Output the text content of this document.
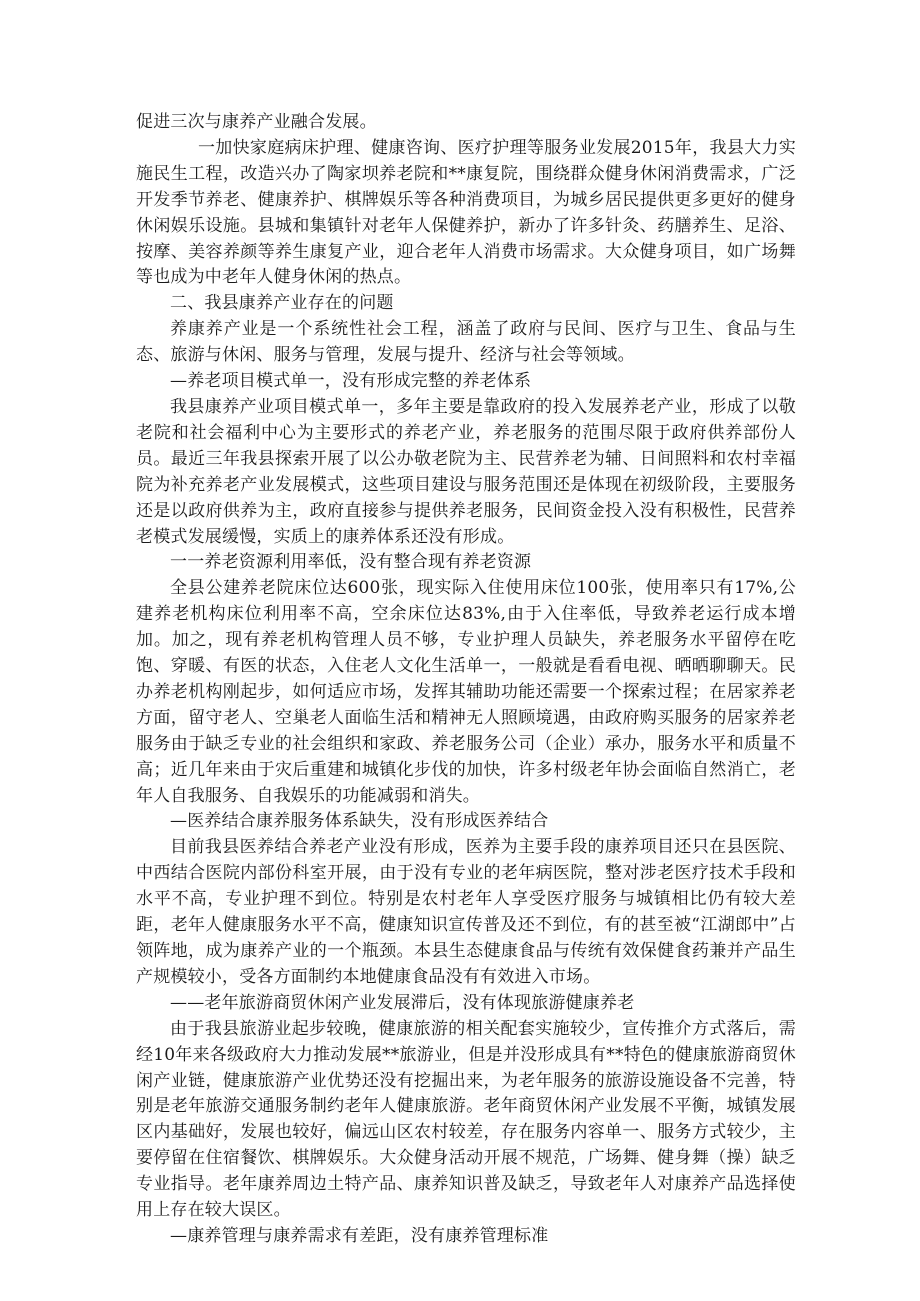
促进三次与康养产业融合发展。

一加快家庭病床护理、健康咨询、医疗护理等服务业发展2015年，我县大力实施民生工程，改造兴办了陶家坝养老院和**康复院，围绕群众健身休闲消费需求，广泛开发季节养老、健康养护、棋牌娱乐等各种消费项目，为城乡居民提供更多更好的健身休闲娱乐设施。县城和集镇针对老年人保健养护，新办了许多针灸、药膳养生、足浴、按摩、美容养颜等养生康复产业，迎合老年人消费市场需求。大众健身项目，如广场舞等也成为中老年人健身休闲的热点。

二、我县康养产业存在的问题

养康养产业是一个系统性社会工程，涵盖了政府与民间、医疗与卫生、食品与生态、旅游与休闲、服务与管理，发展与提升、经济与社会等领域。

—养老项目模式单一，没有形成完整的养老体系

我县康养产业项目模式单一，多年主要是靠政府的投入发展养老产业，形成了以敬老院和社会福利中心为主要形式的养老产业，养老服务的范围尽限于政府供养部份人员。最近三年我县探索开展了以公办敬老院为主、民营养老为辅、日间照料和农村幸福院为补充养老产业发展模式，这些项目建设与服务范围还是体现在初级阶段，主要服务还是以政府供养为主，政府直接参与提供养老服务，民间资金投入没有积极性，民营养老模式发展缓慢，实质上的康养体系还没有形成。

一一养老资源利用率低，没有整合现有养老资源

全县公建养老院床位达600张，现实际入住使用床位100张，使用率只有17%,公建养老机构床位利用率不高，空余床位达83%,由于入住率低，导致养老运行成本增加。加之，现有养老机构管理人员不够，专业护理人员缺失，养老服务水平留停在吃饱、穿暖、有医的状态，入住老人文化生活单一，一般就是看看电视、晒晒聊聊天。民办养老机构刚起步，如何适应市场，发挥其辅助功能还需要一个探索过程；在居家养老方面，留守老人、空巢老人面临生活和精神无人照顾境遇，由政府购买服务的居家养老服务由于缺乏专业的社会组织和家政、养老服务公司（企业）承办，服务水平和质量不高；近几年来由于灾后重建和城镇化步伐的加快，许多村级老年协会面临自然消亡，老年人自我服务、自我娱乐的功能减弱和消失。

—医养结合康养服务体系缺失，没有形成医养结合

目前我县医养结合养老产业没有形成，医养为主要手段的康养项目还只在县医院、中西结合医院内部份科室开展，由于没有专业的老年病医院，整对涉老医疗技术手段和水平不高，专业护理不到位。特别是农村老年人享受医疗服务与城镇相比仍有较大差距，老年人健康服务水平不高，健康知识宣传普及还不到位，有的甚至被“江湖郎中”占领阵地，成为康养产业的一个瓶颈。本县生态健康食品与传统有效保健食药兼并产品生产规模较小，受各方面制约本地健康食品没有有效进入市场。

——老年旅游商贸休闲产业发展滞后，没有体现旅游健康养老

由于我县旅游业起步较晚，健康旅游的相关配套实施较少，宣传推介方式落后，需经10年来各级政府大力推动发展**旅游业，但是并没形成具有**特色的健康旅游商贸休闲产业链，健康旅游产业优势还没有挖掘出来，为老年服务的旅游设施设备不完善，特别是老年旅游交通服务制约老年人健康旅游。老年商贸休闲产业发展不平衡，城镇发展区内基础好，发展也较好，偏远山区农村较差，存在服务内容单一、服务方式较少，主要停留在住宿餐饮、棋牌娱乐。大众健身活动开展不规范，广场舞、健身舞（操）缺乏专业指导。老年康养周边土特产品、康养知识普及缺乏，导致老年人对康养产品选择使用上存在较大误区。

—康养管理与康养需求有差距，没有康养管理标准
